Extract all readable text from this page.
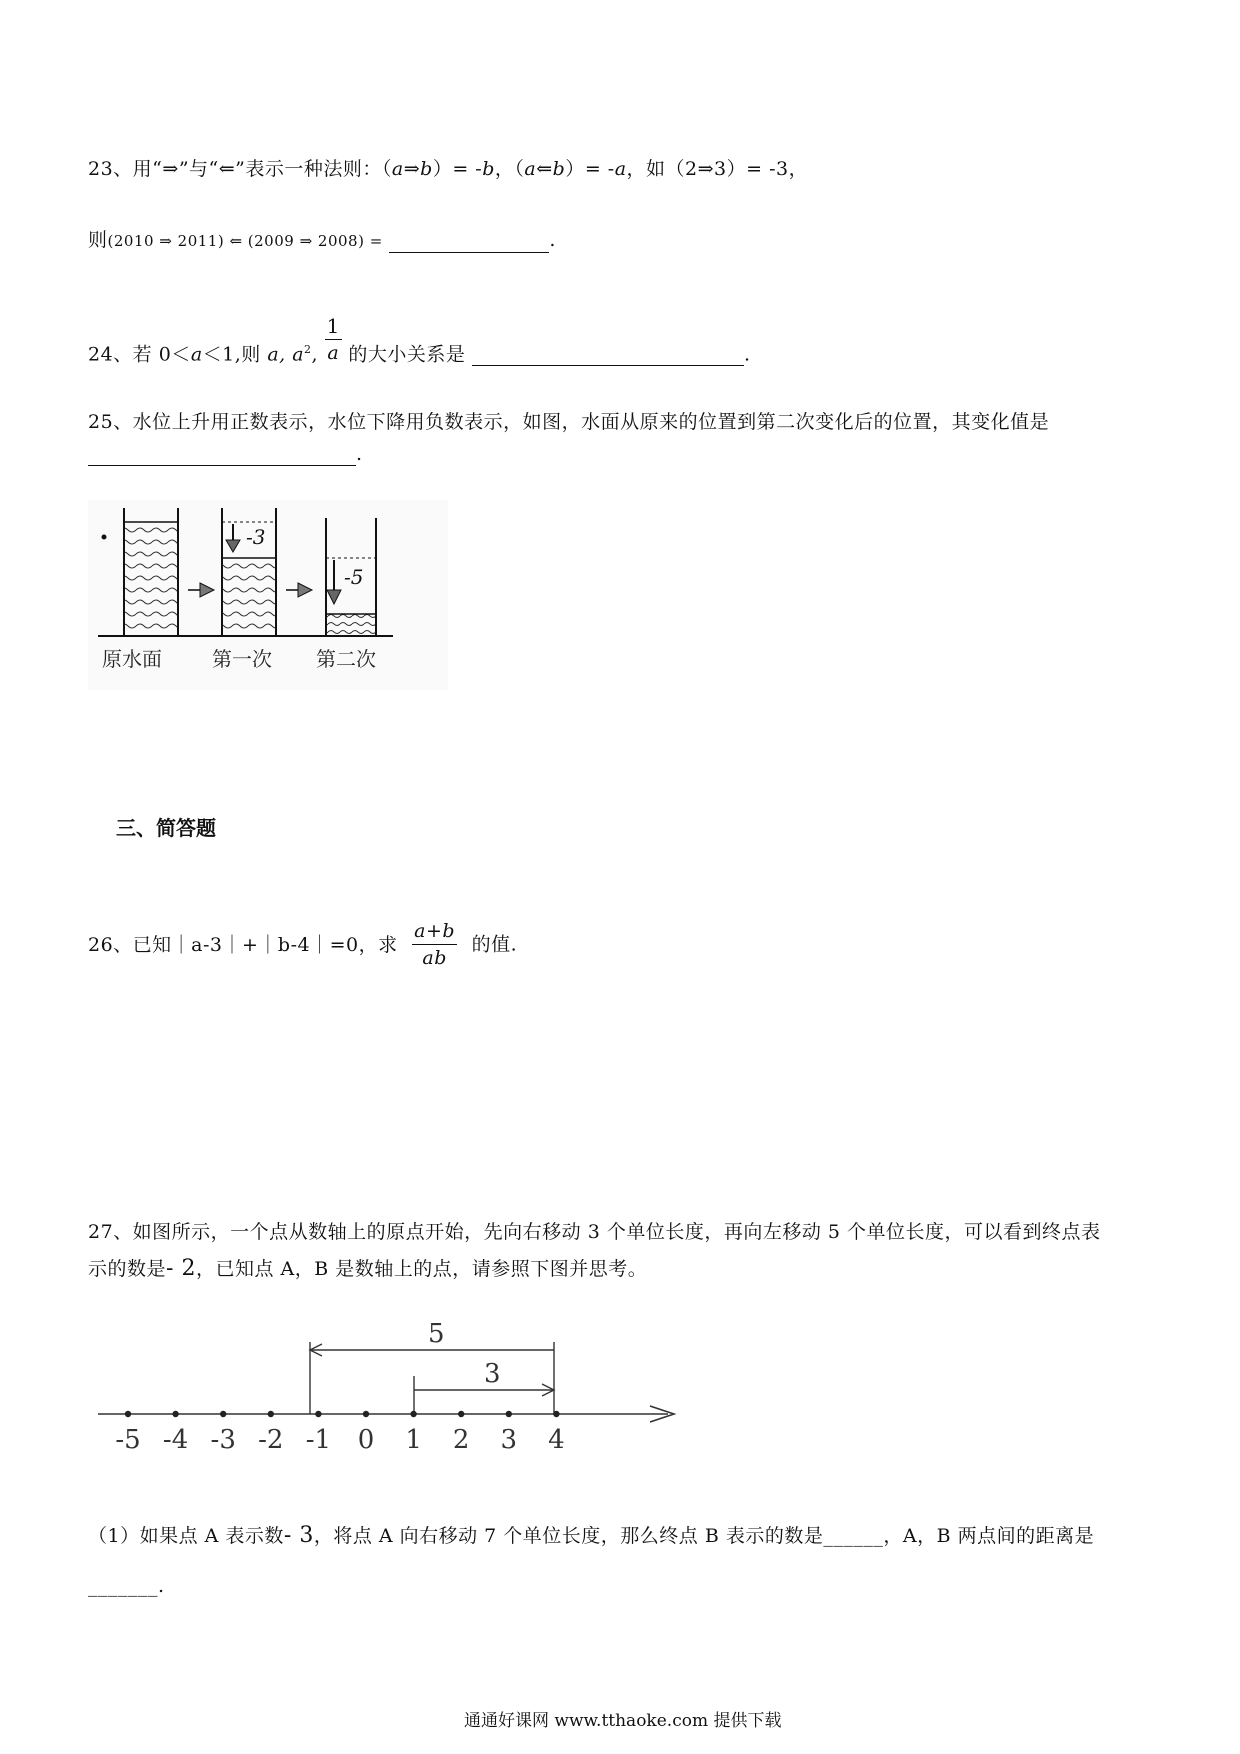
23、用“⇒”与“⇐”表示一种法则：（a⇒b）= -b，（a⇐b）= -a，如（2⇒3）= -3，
则(2010 ⇒ 2011) ⇐ (2009 ⇒ 2008) =	.
24、若 0＜a＜1,则 a, $a^2$, $\frac{1}{a}$ 的大小关系是	.
25、水位上升用正数表示，水位下降用负数表示，如图，水面从原来的位置到第二次变化后的位置，其变化值是
.
-3
-5
原水面	第一次 第二次
三、简答题
26、已知｜a-3｜+｜b-4｜=0，求 $\frac{a+b}{ab}$ 的值.
27、如图所示，一个点从数轴上的原点开始，先向右移动 3 个单位长度，再向左移动 5 个单位长度，可以看到终点表
示的数是- 2，已知点 A，B 是数轴上的点，请参照下图并思考。
5
3
-5 -4 -3 -2 -1 0 1 2 3 4
（1）如果点 A 表示数- 3，将点 A 向右移动 7 个单位长度，那么终点 B 表示的数是______，A，B 两点间的距离是
_______.
通通好课网 www.tthaoke.com 提供下载
